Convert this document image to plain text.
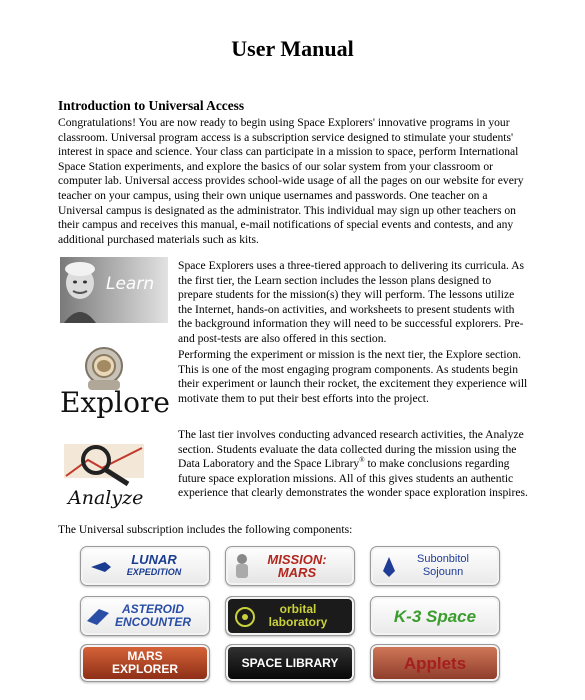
User Manual
Introduction to Universal Access
Congratulations! You are now ready to begin using Space Explorers' innovative programs in your classroom. Universal program access is a subscription service designed to stimulate your students' interest in space and science. Your class can participate in a mission to space, perform International Space Station experiments, and explore the basics of our solar system from your classroom or computer lab. Universal access provides school-wide usage of all the pages on our website for every teacher on your campus, using their own unique usernames and passwords. One teacher on a Universal campus is designated as the administrator. This individual may sign up other teachers on their campus and receives this manual, e-mail notifications of special events and contests, and any additional purchased materials such as kits.
Learn
Space Explorers uses a three-tiered approach to delivering its curricula. As the first tier, the Learn section includes the lesson plans designed to prepare students for the mission(s) they will perform. The lessons utilize the Internet, hands-on activities, and worksheets to present students with the background information they will need to be successful explorers. Pre- and post-tests are also offered in this section.
Explore
Performing the experiment or mission is the next tier, the Explore section. This is one of the most engaging program components. As students begin their experiment or launch their rocket, the excitement they experience will motivate them to put their best efforts into the project.
Analyze
The last tier involves conducting advanced research activities, the Analyze section. Students evaluate the data collected during the mission using the Data Laboratory and the Space Library® to make conclusions regarding future space exploration missions. All of this gives students an authentic experience that clearly demonstrates the wonder space exploration inspires.
The Universal subscription includes the following components:
LUNAR
EXPEDITION
MISSION:
MARS
Subonbitol
Sojounn
ASTEROID
ENCOUNTER
orbital
laboratory	K-3 Space
MARS
EXPLORER	SPACE LIBRARY	Applets
